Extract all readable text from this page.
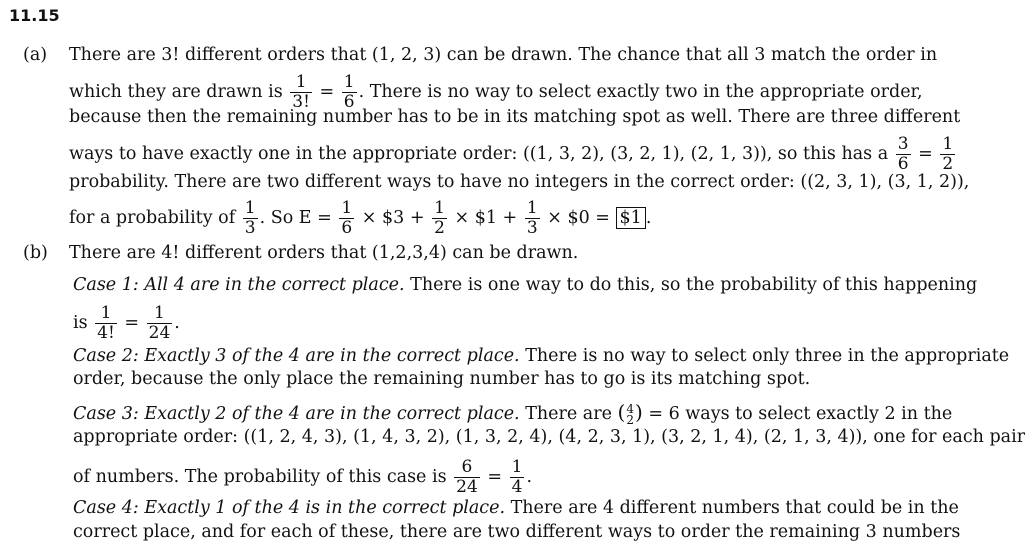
11.15
(a) There are 3! different orders that (1, 2, 3) can be drawn. The chance that all 3 match the order in
which they are drawn is $\frac{1}{3!} = \frac{1}{6}$ . There is no way to select exactly two in the appropriate order,
because then the remaining number has to be in its matching spot as well. There are three different
ways to have exactly one in the appropriate order: ((1, 3, 2), (3, 2, 1), (2, 1, 3)), so this has a $\frac{3}{6} = \frac{1}{2}$
probability. There are two different ways to have no integers in the correct order: ((2, 3, 1), (3, 1, 2)),
for a probability of $\frac{1}{3}$ . So $E = \frac{1}{6}$ × $3 + $\frac{1}{2}$ × $1 + $\frac{1}{3}$ × $0 = $1 .
(b) There are 4! different orders that (1,2,3,4) can be drawn.
Case 1: All 4 are in the correct place. There is one way to do this, so the probability of this happening
is $\frac{1}{4!} = \frac{1}{24}$ .
Case 2: Exactly 3 of the 4 are in the correct place. There is no way to select only three in the appropriate
order, because the only place the remaining number has to go is its matching spot.
Case 3: Exactly 2 of the 4 are in the correct place. There are ( 4
2 ) = 6 ways to select exactly 2 in the
appropriate order: ((1, 2, 4, 3), (1, 4, 3, 2), (1, 3, 2, 4), (4, 2, 3, 1), (3, 2, 1, 4), (2, 1, 3, 4)), one for each pair
of numbers. The probability of this case is $\frac{6}{24} = \frac{1}{4}$ .
Case 4: Exactly 1 of the 4 is in the correct place. There are 4 different numbers that could be in the
correct place, and for each of these, there are two different ways to order the remaining 3 numbers
